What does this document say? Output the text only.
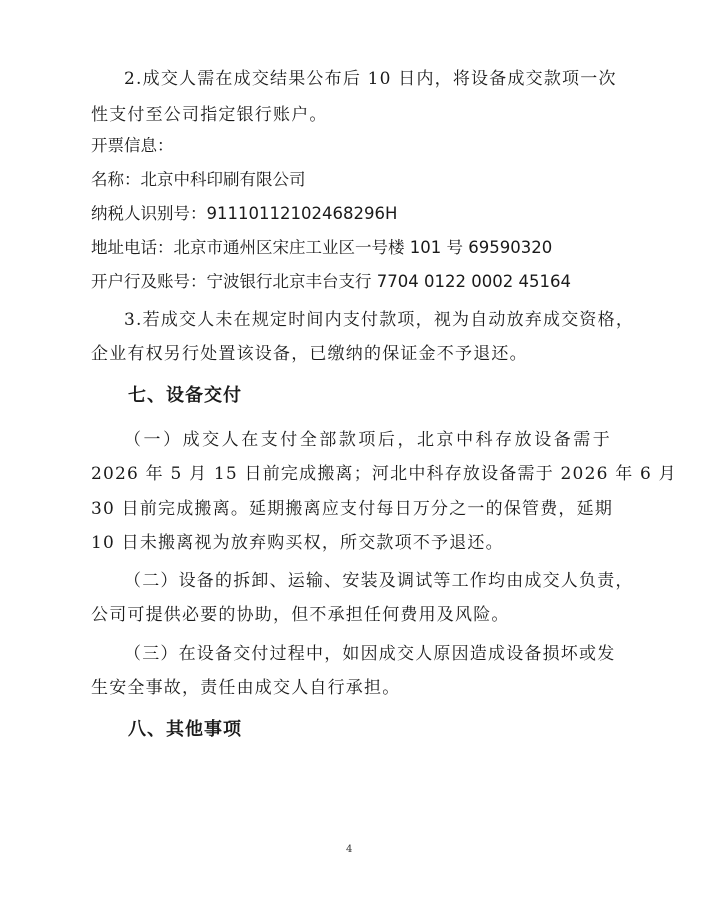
2.成交人需在成交结果公布后 10 日内，将设备成交款项一次
性支付至公司指定银行账户。
开票信息：
名称：北京中科印刷有限公司
纳税人识别号：91110112102468296H
地址电话：北京市通州区宋庄工业区一号楼 101 号 69590320
开户行及账号：宁波银行北京丰台支行 7704 0122 0002 45164
3.若成交人未在规定时间内支付款项，视为自动放弃成交资格，
企业有权另行处置该设备，已缴纳的保证金不予退还。
七、设备交付
（一）成交人在支付全部款项后，北京中科存放设备需于
2026 年 5 月 15 日前完成搬离；河北中科存放设备需于 2026 年 6 月
30 日前完成搬离。延期搬离应支付每日万分之一的保管费，延期
10 日未搬离视为放弃购买权，所交款项不予退还。
（二）设备的拆卸、运输、安装及调试等工作均由成交人负责，
公司可提供必要的协助，但不承担任何费用及风险。
（三）在设备交付过程中，如因成交人原因造成设备损坏或发
生安全事故，责任由成交人自行承担。
八、其他事项
4
